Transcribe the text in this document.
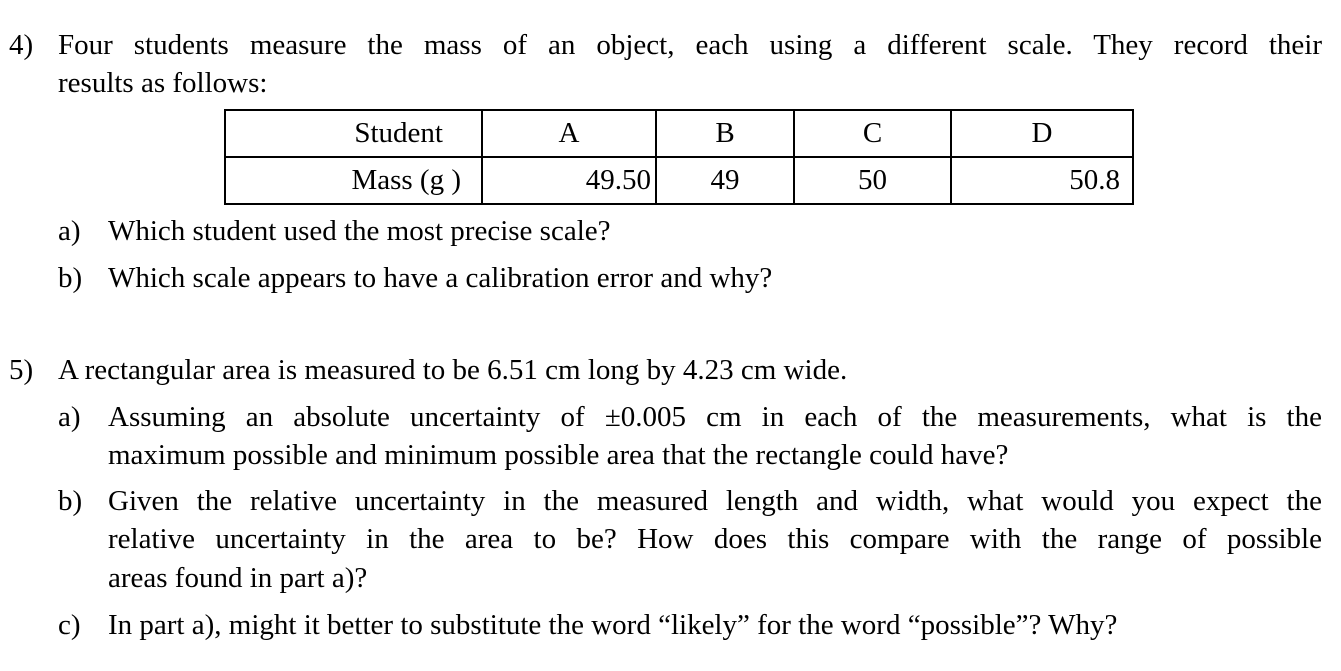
4) Four students measure the mass of an object, each using a different scale. They record their
results as follows:
Student	A	B	C	D
Mass (g )	49.50	49	50	50.8
a) Which student used the most precise scale?
b) Which scale appears to have a calibration error and why?
5) A rectangular area is measured to be 6.51 cm long by 4.23 cm wide.
a) Assuming an absolute uncertainty of ±0.005 cm in each of the measurements, what is the
maximum possible and minimum possible area that the rectangle could have?
b) Given the relative uncertainty in the measured length and width, what would you expect the
relative uncertainty in the area to be? How does this compare with the range of possible
areas found in part a)?
c) In part a), might it better to substitute the word “likely” for the word “possible”? Why?
